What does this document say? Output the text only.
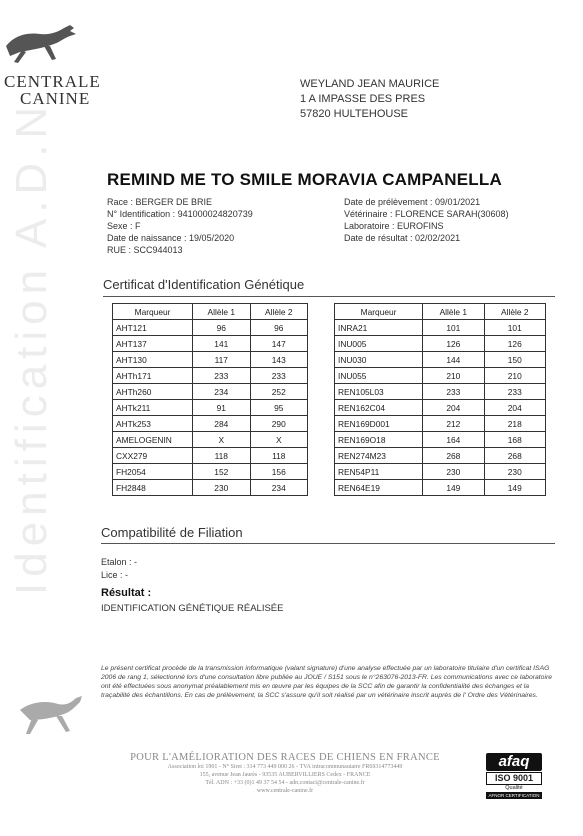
Identification A.D.N
CENTRALE
CANINE
WEYLAND JEAN MAURICE
1 A IMPASSE DES PRES
57820 HULTEHOUSE
REMIND ME TO SMILE MORAVIA CAMPANELLA
Race : BERGER DE BRIE
N° Identification : 941000024820739
Sexe : F
Date de naissance : 19/05/2020
RUE : SCC944013
Date de prélèvement : 09/01/2021
Vétérinaire : FLORENCE SARAH(30608)
Laboratoire : EUROFINS
Date de résultat : 02/02/2021
Certificat d'Identification Génétique
Marqueur	Allèle 1	Allèle 2
AHT121	96	96
AHT137	141	147
AHT130	117	143
AHTh171	233	233
AHTh260	234	252
AHTk211	91	95
AHTk253	284	290
AMELOGENIN	X	X
CXX279	118	118
FH2054	152	156
FH2848	230	234
Marqueur	Allèle 1	Allèle 2
INRA21	101	101
INU005	126	126
INU030	144	150
INU055	210	210
REN105L03	233	233
REN162C04	204	204
REN169D001	212	218
REN169O18	164	168
REN274M23	268	268
REN54P11	230	230
REN64E19	149	149
Compatibilité de Filiation
Etalon : -
Lice : -
Résultat :
IDENTIFICATION GÉNÉTIQUE RÉALISÉE
Le présent certificat procède de la transmission informatique (valant signature) d'une analyse effectuée par un laboratoire titulaire d'un certificat ISAG 2006 de rang 1, sélectionné lors d'une consultation libre publiée au JOUE / S151 sous le n°263076-2013-FR. Les communications avec ce laboratoire ont été effectuées sous anonymat préalablement mis en œuvre par les équipes de la SCC afin de garantir la confidentialité des échanges et la traçabilité des échantillons. En cas de prélèvement, la SCC s'assure qu'il soit réalisé par un vétérinaire inscrit auprès de l' Ordre des Vétérinaires.
POUR L'AMÉLIORATION DES RACES DE CHIENS EN FRANCE
Association loi 1901 - N° Siret : 314 773 449 000 26 - TVA intracommunautaire FR69314773449
155, avenue Jean Jaurès - 93535 AUBERVILLIERS Cedex - FRANCE
Tél. ADN : +33 (0)1 49 37 54 54 - adn.contact@centrale-canine.fr
www.centrale-canine.fr
afaq
ISO 9001
Qualité
AFNOR CERTIFICATION
